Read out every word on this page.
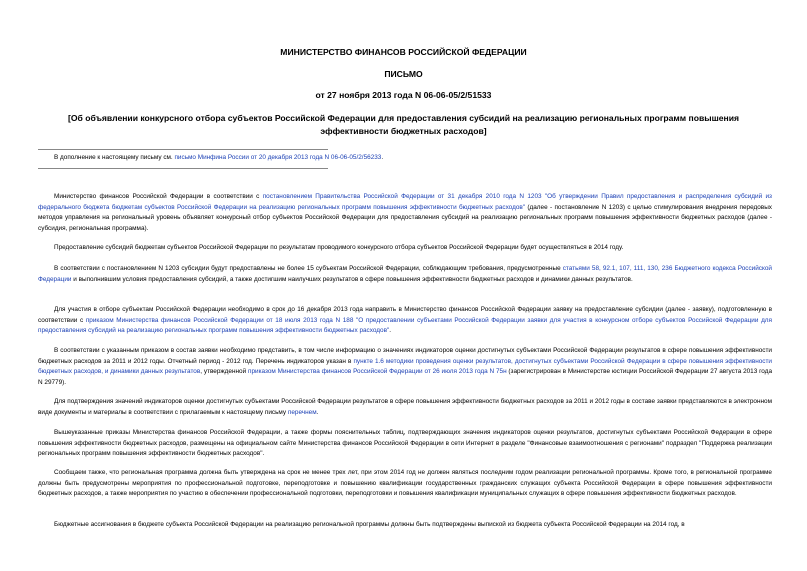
МИНИСТЕРСТВО ФИНАНСОВ РОССИЙСКОЙ ФЕДЕРАЦИИ
ПИСЬМО
от 27 ноября 2013 года N 06-06-05/2/51533
[Об объявлении конкурсного отбора субъектов Российской Федерации для предоставления субсидий на реализацию региональных программ повышения эффективности бюджетных расходов]
В дополнение к настоящему письму см. письмо Минфина России от 20 декабря 2013 года N 06-06-05/2/56233.
Министерство финансов Российской Федерации в соответствии с постановлением Правительства Российской Федерации от 31 декабря 2010 года N 1203 "Об утверждении Правил предоставления и распределения субсидий из федерального бюджета бюджетам субъектов Российской Федерации на реализацию региональных программ повышения эффективности бюджетных расходов" (далее - постановление N 1203) с целью стимулирования внедрения передовых методов управления на региональный уровень объявляет конкурсный отбор субъектов Российской Федерации для предоставления субсидий на реализацию региональных программ повышения эффективности бюджетных расходов (далее - субсидия, региональная программа).
Предоставление субсидий бюджетам субъектов Российской Федерации по результатам проводимого конкурсного отбора субъектов Российской Федерации будет осуществляться в 2014 году.
В соответствии с постановлением N 1203 субсидии будут предоставлены не более 15 субъектам Российской Федерации, соблюдающим требования, предусмотренные статьями 58, 92.1, 107, 111, 130, 236 Бюджетного кодекса Российской Федерации и выполнившим условия предоставления субсидий, а также достигшим наилучших результатов в сфере повышения эффективности бюджетных расходов и динамики данных результатов.
Для участия в отборе субъектам Российской Федерации необходимо в срок до 16 декабря 2013 года направить в Министерство финансов Российской Федерации заявку на предоставление субсидии (далее - заявку), подготовленную в соответствии с приказом Министерства финансов Российской Федерации от 18 июля 2013 года N 188 "О предоставлении субъектами Российской Федерации заявки для участия в конкурсном отборе субъектов Российской Федерации для предоставления субсидий на реализацию региональных программ повышения эффективности бюджетных расходов".
В соответствии с указанным приказом в состав заявки необходимо представить, в том числе информацию о значениях индикаторов оценки достигнутых субъектами Российской Федерации результатов в сфере повышения эффективности бюджетных расходов за 2011 и 2012 годы. Отчетный период - 2012 год. Перечень индикаторов указан в пункте 1.6 методики проведения оценки результатов, достигнутых субъектами Российской Федерации в сфере повышения эффективности бюджетных расходов, и динамики данных результатов, утвержденной приказом Министерства финансов Российской Федерации от 26 июля 2013 года N 75н (зарегистрирован в Министерстве юстиции Российской Федерации 27 августа 2013 года N 29779).
Для подтверждения значений индикаторов оценки достигнутых субъектами Российской Федерации результатов в сфере повышения эффективности бюджетных расходов за 2011 и 2012 годы в составе заявки представляются в электронном виде документы и материалы в соответствии с прилагаемым к настоящему письму перечнем.
Вышеуказанные приказы Министерства финансов Российской Федерации, а также формы пояснительных таблиц, подтверждающих значения индикаторов оценки результатов, достигнутых субъектами Российской Федерации в сфере повышения эффективности бюджетных расходов, размещены на официальном сайте Министерства финансов Российской Федерации в сети Интернет в разделе "Финансовые взаимоотношения с регионами" подраздел "Поддержка реализации региональных программ повышения эффективности бюджетных расходов".
Сообщаем также, что региональная программа должна быть утверждена на срок не менее трех лет, при этом 2014 год не должен являться последним годом реализации региональной программы. Кроме того, в региональной программе должны быть предусмотрены мероприятия по профессиональной подготовке, переподготовке и повышению квалификации государственных гражданских служащих субъекта Российской Федерации в сфере повышения эффективности бюджетных расходов, а также мероприятия по участию в обеспечении профессиональной подготовки, переподготовки и повышения квалификации муниципальных служащих в сфере повышения эффективности бюджетных расходов.
Бюджетные ассигнования в бюджете субъекта Российской Федерации на реализацию региональной программы должны быть подтверждены выпиской из бюджета субъекта Российской Федерации на 2014 год, в
